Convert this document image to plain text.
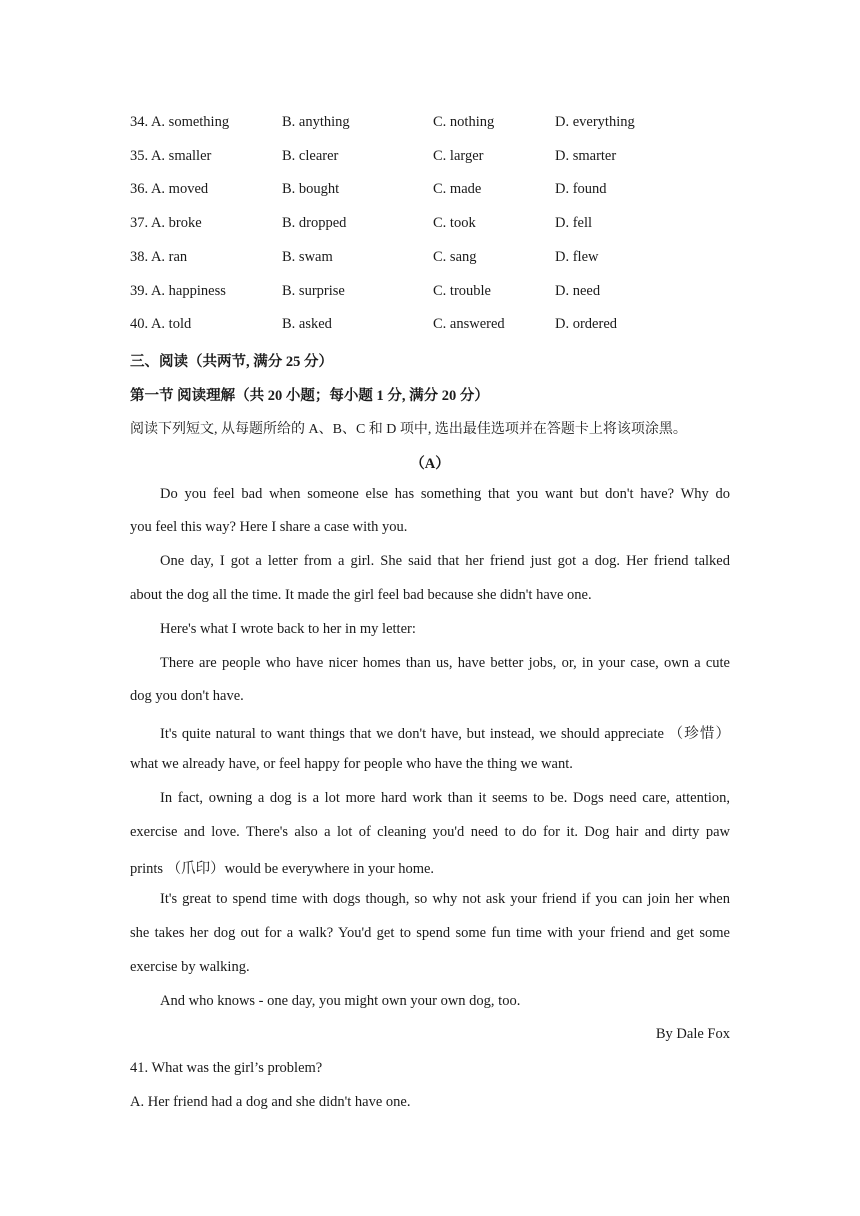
34. A. something	B. anything	C. nothing	D. everything
35. A. smaller	B. clearer	C. larger	D. smarter
36. A. moved	B. bought	C. made	D. found
37. A. broke	B. dropped	C. took	D. fell
38. A. ran	B. swam	C. sang	D. flew
39. A. happiness	B. surprise	C. trouble	D. need
40. A. told	B. asked	C. answered	D. ordered
三、阅读（共两节, 满分 25 分）
第一节 阅读理解（共 20 小题；每小题 1 分, 满分 20 分）
阅读下列短文, 从每题所给的 A、B、C 和 D 项中, 选出最佳选项并在答题卡上将该项涂黑。
（A）
Do you feel bad when someone else has something that you want but don't have? Why do
you feel this way? Here I share a case with you.
One day, I got a letter from a girl. She said that her friend just got a dog. Her friend talked
about the dog all the time. It made the girl feel bad because she didn't have one.
Here's what I wrote back to her in my letter:
There are people who have nicer homes than us, have better jobs, or, in your case, own a cute
dog you don't have.
It's quite natural to want things that we don't have, but instead, we should appreciate （珍惜）
what we already have, or feel happy for people who have the thing we want.
In fact, owning a dog is a lot more hard work than it seems to be. Dogs need care, attention,
exercise and love. There's also a lot of cleaning you'd need to do for it. Dog hair and dirty paw
prints （爪印）would be everywhere in your home.
It's great to spend time with dogs though, so why not ask your friend if you can join her when
she takes her dog out for a walk? You'd get to spend some fun time with your friend and get some
exercise by walking.
And who knows - one day, you might own your own dog, too.
By Dale Fox
41. What was the girl’s problem?
A. Her friend had a dog and she didn't have one.
